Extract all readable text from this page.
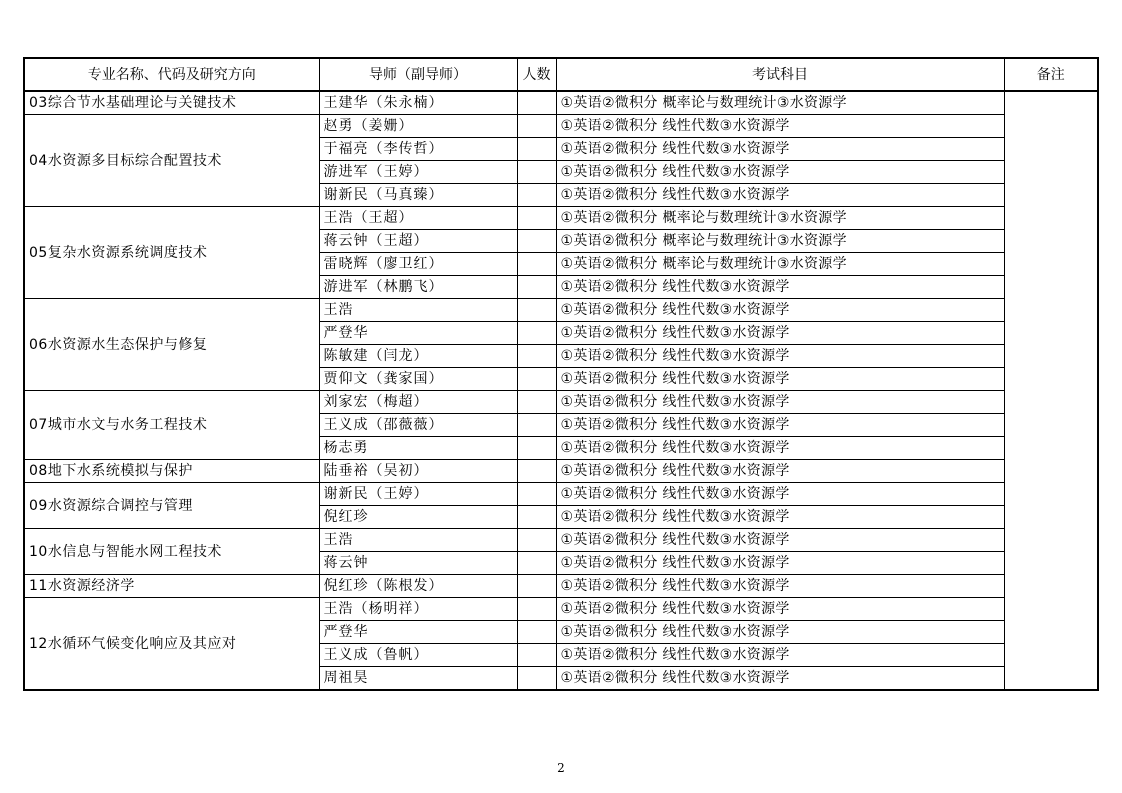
专业名称、代码及研究方向	导师（副导师）	人数	考试科目	备注
03综合节水基础理论与关键技术	王建华（朱永楠）		①英语②微积分 概率论与数理统计③水资源学	
04水资源多目标综合配置技术	赵勇（姜姗）		①英语②微积分 线性代数③水资源学	
	于福亮（李传哲）		①英语②微积分 线性代数③水资源学	
	游进军（王婷）		①英语②微积分 线性代数③水资源学	
	谢新民（马真臻）		①英语②微积分 线性代数③水资源学	
05复杂水资源系统调度技术	王浩（王超）		①英语②微积分 概率论与数理统计③水资源学	
	蒋云钟（王超）		①英语②微积分 概率论与数理统计③水资源学	
	雷晓辉（廖卫红）		①英语②微积分 概率论与数理统计③水资源学	
	游进军（林鹏飞）		①英语②微积分 线性代数③水资源学	
06水资源水生态保护与修复	王浩		①英语②微积分 线性代数③水资源学	
	严登华		①英语②微积分 线性代数③水资源学	
	陈敏建（闫龙）		①英语②微积分 线性代数③水资源学	
	贾仰文（龚家国）		①英语②微积分 线性代数③水资源学	
07城市水文与水务工程技术	刘家宏（梅超）		①英语②微积分 线性代数③水资源学	
	王义成（邵薇薇）		①英语②微积分 线性代数③水资源学	
	杨志勇		①英语②微积分 线性代数③水资源学	
08地下水系统模拟与保护	陆垂裕（吴初）		①英语②微积分 线性代数③水资源学	
09水资源综合调控与管理	谢新民（王婷）		①英语②微积分 线性代数③水资源学	
	倪红珍		①英语②微积分 线性代数③水资源学	
10水信息与智能水网工程技术	王浩		①英语②微积分 线性代数③水资源学	
	蒋云钟		①英语②微积分 线性代数③水资源学	
11水资源经济学	倪红珍（陈根发）		①英语②微积分 线性代数③水资源学	
12水循环气候变化响应及其应对	王浩（杨明祥）		①英语②微积分 线性代数③水资源学	
	严登华		①英语②微积分 线性代数③水资源学	
	王义成（鲁帆）		①英语②微积分 线性代数③水资源学	
	周祖昊		①英语②微积分 线性代数③水资源学	
2
